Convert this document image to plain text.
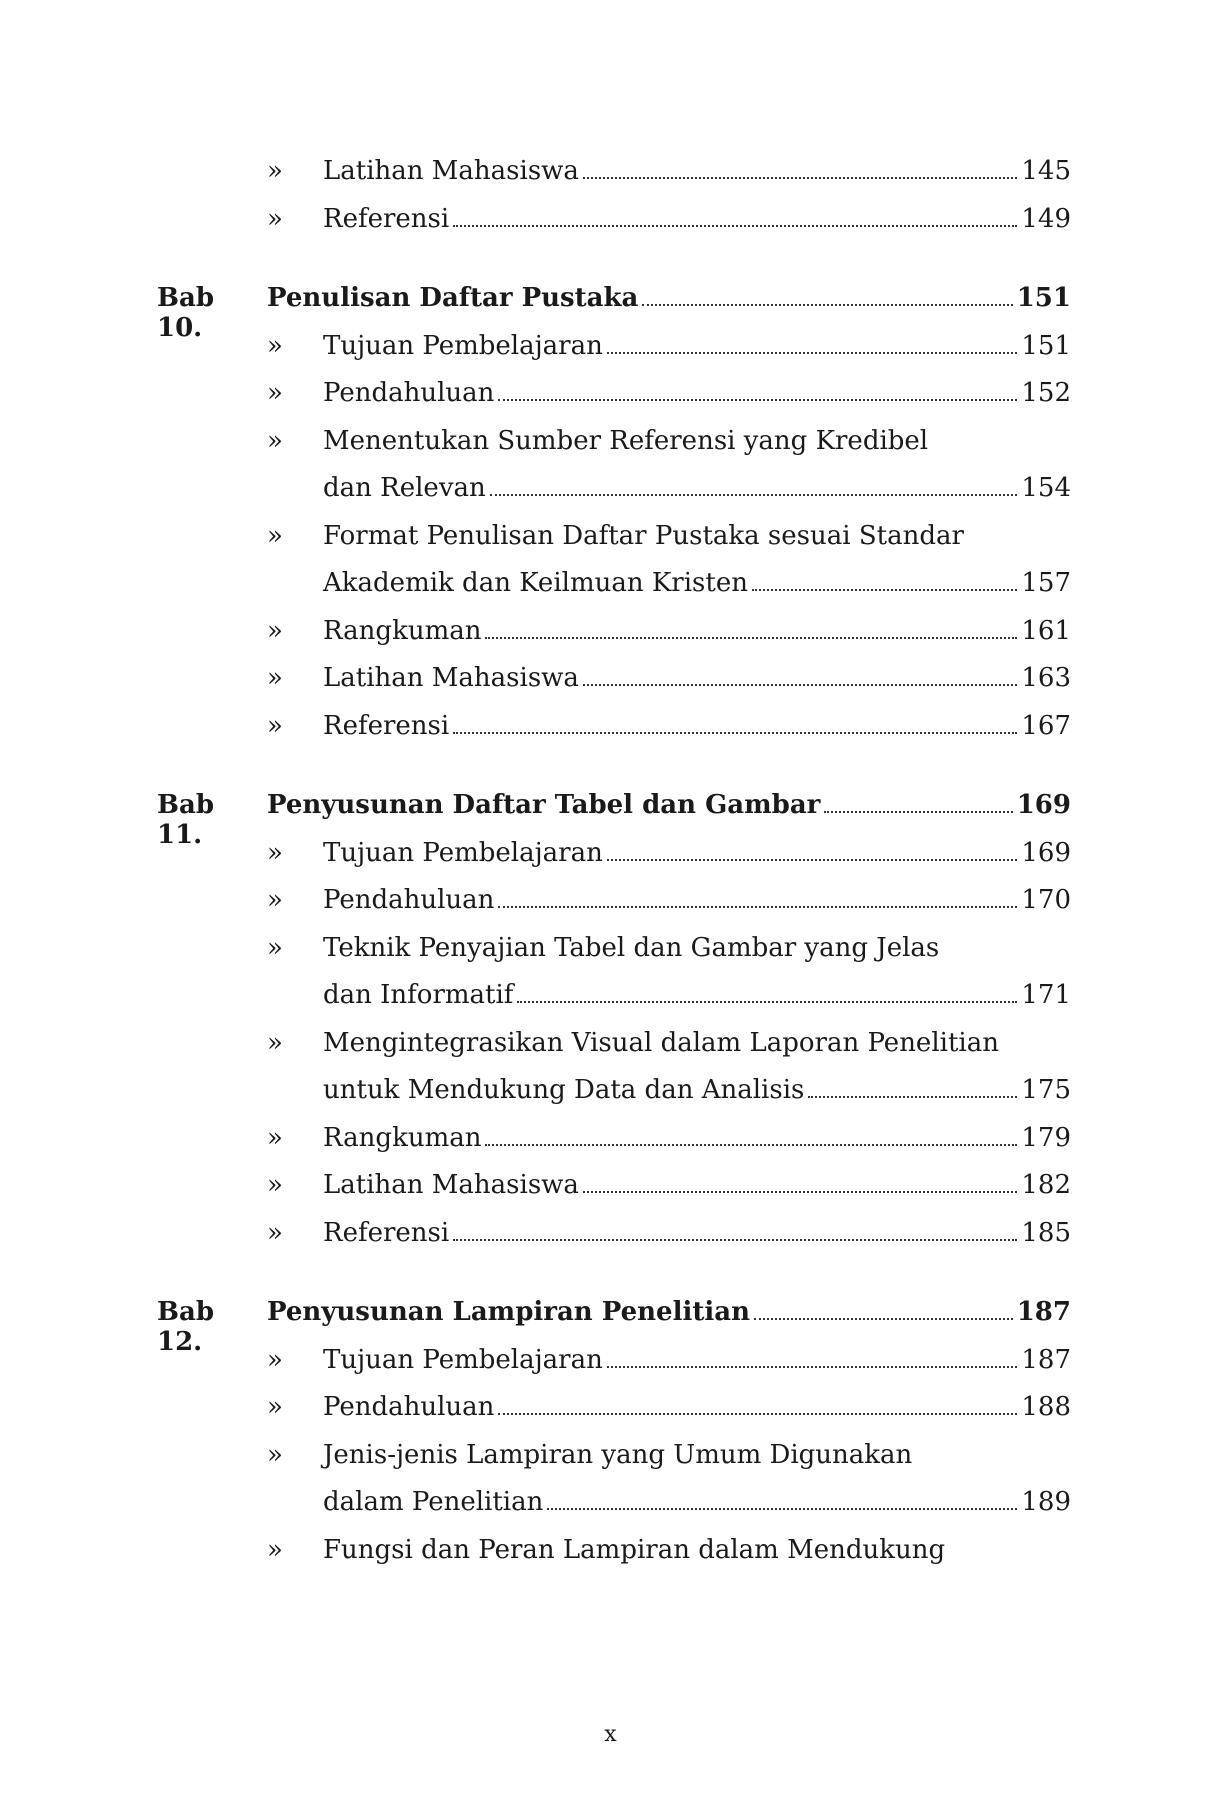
»	Latihan Mahasiswa	145
»	Referensi	149
Bab 10.
Penulisan Daftar Pustaka	151
»	Tujuan Pembelajaran	151
»	Pendahuluan	152
»	Menentukan Sumber Referensi yang Kredibel
dan Relevan	154
»	Format Penulisan Daftar Pustaka sesuai Standar
Akademik dan Keilmuan Kristen	157
»	Rangkuman	161
»	Latihan Mahasiswa	163
»	Referensi	167
Bab 11.
Penyusunan Daftar Tabel dan Gambar	169
»	Tujuan Pembelajaran	169
»	Pendahuluan	170
»	Teknik Penyajian Tabel dan Gambar yang Jelas
dan Informatif	171
»	Mengintegrasikan Visual dalam Laporan Penelitian
untuk Mendukung Data dan Analisis	175
»	Rangkuman	179
»	Latihan Mahasiswa	182
»	Referensi	185
Bab 12.
Penyusunan Lampiran Penelitian	187
»	Tujuan Pembelajaran	187
»	Pendahuluan	188
»	Jenis-jenis Lampiran yang Umum Digunakan
dalam Penelitian	189
»	Fungsi dan Peran Lampiran dalam Mendukung
x
